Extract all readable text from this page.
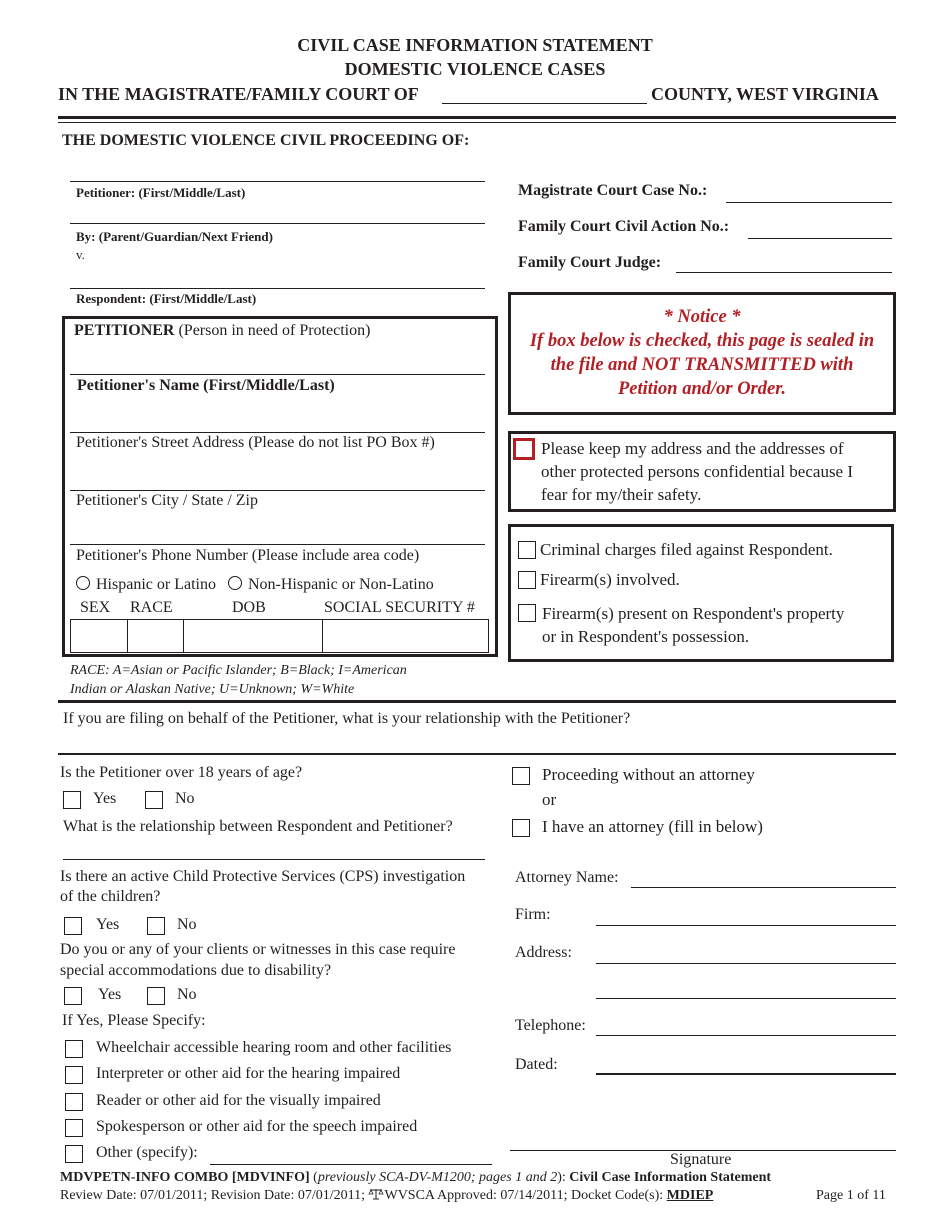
CIVIL CASE INFORMATION STATEMENT
DOMESTIC VIOLENCE CASES
IN THE MAGISTRATE/FAMILY COURT OF	COUNTY, WEST VIRGINIA
THE DOMESTIC VIOLENCE CIVIL PROCEEDING OF:
Petitioner: (First/Middle/Last)
By: (Parent/Guardian/Next Friend)
v.
Respondent: (First/Middle/Last)
Magistrate Court Case No.:
Family Court Civil Action No.:
Family Court Judge:
PETITIONER (Person in need of Protection)
Petitioner's Name (First/Middle/Last)
Petitioner's Street Address (Please do not list PO Box #)
Petitioner's City / State / Zip
Petitioner's Phone Number (Please include area code)
Hispanic or Latino Non-Hispanic or Non-Latino
SEX RACE	DOB	SOCIAL SECURITY #
RACE: A=Asian or Pacific Islander; B=Black; I=American
Indian or Alaskan Native; U=Unknown; W=White
* Notice *
If box below is checked, this page is sealed in
the file and NOT TRANSMITTED with
Petition and/or Order.
Please keep my address and the addresses of
other protected persons confidential because I
fear for my/their safety.
Criminal charges filed against Respondent.
Firearm(s) involved.
Firearm(s) present on Respondent's property
or in Respondent's possession.
If you are filing on behalf of the Petitioner, what is your relationship with the Petitioner?
Is the Petitioner over 18 years of age?
Yes	No
What is the relationship between Respondent and Petitioner?
Is there an active Child Protective Services (CPS) investigation
of the children?
Yes	No
Do you or any of your clients or witnesses in this case require
special accommodations due to disability?
Yes	No
If Yes, Please Specify:
Wheelchair accessible hearing room and other facilities
Interpreter or other aid for the hearing impaired
Reader or other aid for the visually impaired
Spokesperson or other aid for the speech impaired
Other (specify):
Proceeding without an attorney
or
I have an attorney (fill in below)
Attorney Name:
Firm:
Address:
Telephone:
Dated:
Signature
MDVPETN-INFO COMBO [MDVINFO] (previously SCA-DV-M1200; pages 1 and 2): Civil Case Information Statement
Review Date: 07/01/2011; Revision Date: 07/01/2011; WVSCA Approved: 07/14/2011; Docket Code(s): MDIEP	Page 1 of 11
